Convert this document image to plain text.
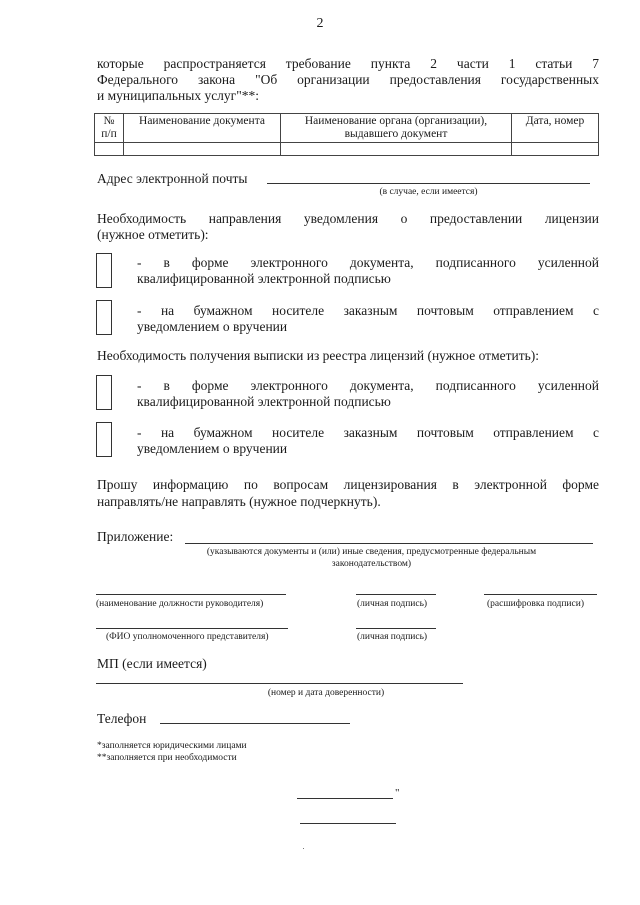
2
которые распространяется требование пункта 2 части 1 статьи 7
Федерального закона "Об организации предоставления государственных
и муниципальных услуг"**:
№ п/п	Наименование документа	Наименование органа (организации), выдавшего документ	Дата, номер

Адрес электронной почты
(в случае, если имеется)
Необходимость направления уведомления о предоставлении лицензии
(нужное отметить):
- в форме электронного документа, подписанного усиленной
квалифицированной электронной подписью
- на бумажном носителе заказным почтовым отправлением с
уведомлением о вручении
Необходимость получения выписки из реестра лицензий (нужное отметить):
- в форме электронного документа, подписанного усиленной
квалифицированной электронной подписью
- на бумажном носителе заказным почтовым отправлением с
уведомлением о вручении
Прошу информацию по вопросам лицензирования в электронной форме
направлять/не направлять (нужное подчеркнуть).
Приложение:
(указываются документы и (или) иные сведения, предусмотренные федеральным
законодательством)
(наименование должности руководителя)	(личная подпись)	(расшифровка подписи)
(ФИО уполномоченного представителя)	(личная подпись)
МП (если имеется)
(номер и дата доверенности)
Телефон
*заполняется юридическими лицами
**заполняется при необходимости
"
